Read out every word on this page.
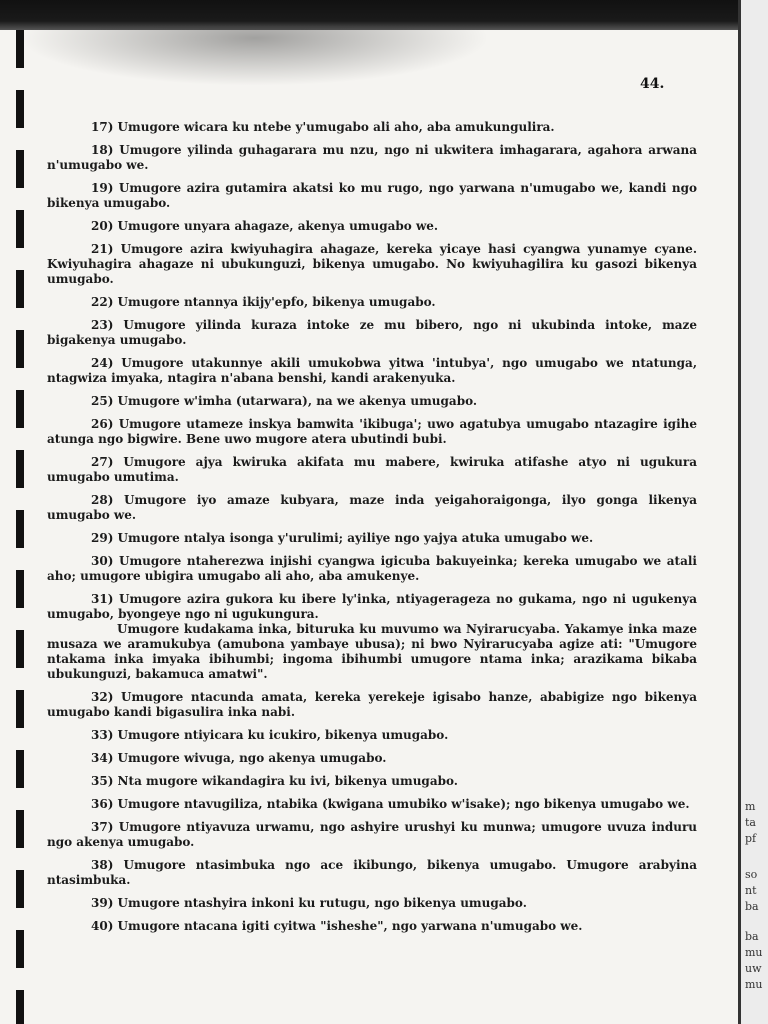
44.

17) Umugore wicara ku ntebe y'umugabo ali aho, aba amukungulira.

18) Umugore yilinda guhagarara mu nzu, ngo ni ukwitera imhagarara, agahora arwana n'umugabo we.

19) Umugore azira gutamira akatsi ko mu rugo, ngo yarwana n'umugabo we, kandi ngo bikenya umugabo.

20) Umugore unyara ahagaze, akenya umugabo we.

21) Umugore azira kwiyuhagira ahagaze, kereka yicaye hasi cyangwa yunamye cyane. Kwiyuhagira ahagaze ni ubukunguzi, bikenya umugabo. No kwiyuhagilira ku gasozi bikenya umugabo.

22) Umugore ntannya ikijy'epfo, bikenya umugabo.

23) Umugore yilinda kuraza intoke ze mu bibero, ngo ni ukubinda intoke, maze bigakenya umugabo.

24) Umugore utakunnye akili umukobwa yitwa 'intubya', ngo umugabo we ntatunga, ntagwiza imyaka, ntagira n'abana benshi, kandi arakenyuka.

25) Umugore w'imha (utarwara), na we akenya umugabo.

26) Umugore utameze inskya bamwita 'ikibuga'; uwo agatubya umugabo ntazagire igihe atunga ngo bigwire. Bene uwo mugore atera ubutindi bubi.

27) Umugore ajya kwiruka akifata mu mabere, kwiruka atifashe atyo ni ugukura umugabo umutima.

28) Umugore iyo amaze kubyara, maze inda yeigahoraigonga, ilyo gonga likenya umugabo we.

29) Umugore ntalya isonga y'urulimi; ayiliye ngo yajya atuka umugabo we.

30) Umugore ntaherezwa injishi cyangwa igicuba bakuyeinka; kereka umugabo we atali aho; umugore ubigira umugabo ali aho, aba amukenye.

31) Umugore azira gukora ku ibere ly'inka, ntiyagerageza no gukama, ngo ni ugukenya umugabo, byongeye ngo ni ugukungura.

Umugore kudakama inka, bituruka ku muvumo wa Nyirarucyaba. Yakamye inka maze musaza we aramukubya (amubona yambaye ubusa); ni bwo Nyirarucyaba agize ati: "Umugore ntakama inka imyaka ibihumbi; ingoma ibihumbi umugore ntama inka; arazikama bikaba ubukunguzi, bakamuca amatwi".

32) Umugore ntacunda amata, kereka yerekeje igisabo hanze, ababigize ngo bikenya umugabo kandi bigasulira inka nabi.

33) Umugore ntiyicara ku icukiro, bikenya umugabo.

34) Umugore wivuga, ngo akenya umugabo.

35) Nta mugore wikandagira ku ivi, bikenya umugabo.

36) Umugore ntavugiliza, ntabika (kwigana umubiko w'isake); ngo bikenya umugabo we.

37) Umugore ntiyavuza urwamu, ngo ashyire urushyi ku munwa; umugore uvuza induru ngo akenya umugabo.

38) Umugore ntasimbuka ngo ace ikibungo, bikenya umugabo. Umugore arabyina ntasimbuka.

39) Umugore ntashyira inkoni ku rutugu, ngo bikenya umugabo.

40) Umugore ntacana igiti cyitwa "isheshe", ngo yarwana n'umugabo we.

m
ta
pf
so
nt
ba
ba
mu
uw
mu
